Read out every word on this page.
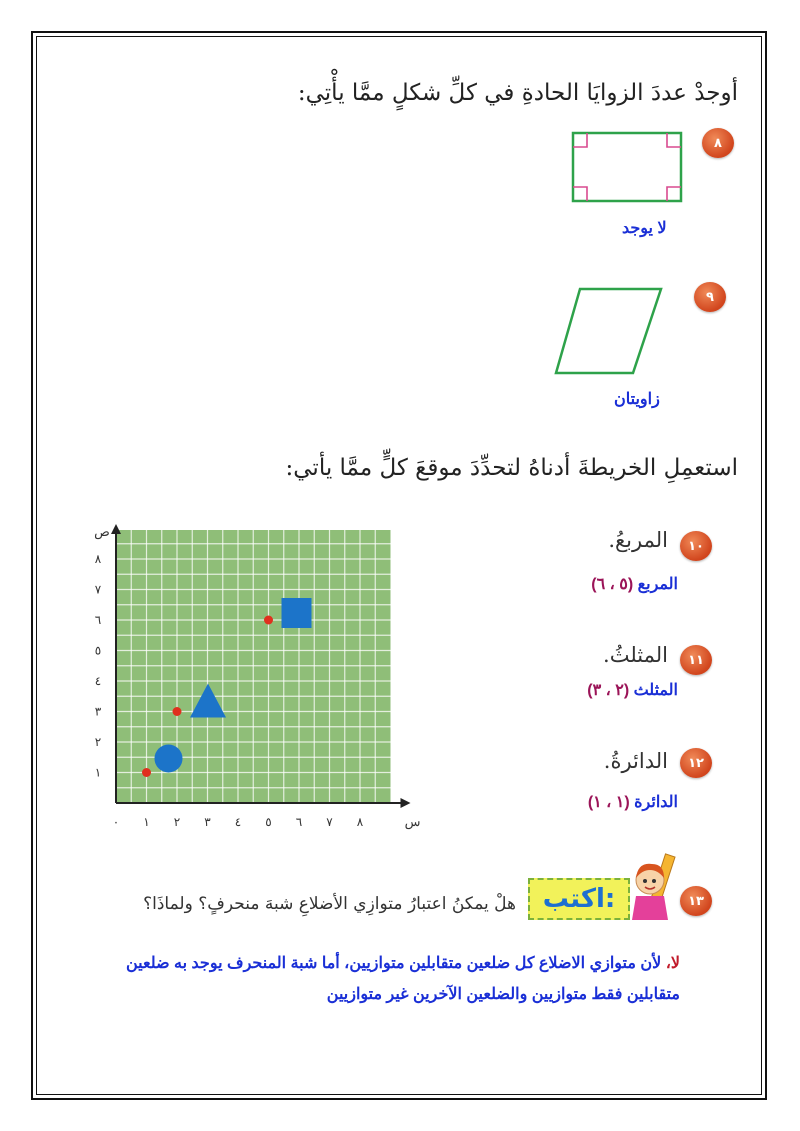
أوجدْ عددَ الزوايَا الحادةِ في كلِّ شكلٍ ممَّا يأْتِي:
٨
لا يوجد
٩
زاويتان
استعمِلِ الخريطةَ أدناهُ لتحدِّدَ موقعَ كلٍّ ممَّا يأتي:
٠ ١ ٢ ٣ ٤ ٥ ٦ ٧ ٨
١
٢
٣
٤
٥
٦
٧
٨
س
ص
١٠
المربعُ.
المربع (٥ ، ٦)
١١
المثلثُ.
المثلث (٢ ، ٣)
١٢
الدائرةُ.
الدائرة (١ ، ١)
١٣
اكتب:
هلْ يمكنُ اعتبارُ متوازِي الأضلاعِ شبهَ منحرفٍ؟ ولماذَا؟
لا، لأن متوازي الاضلاع كل ضلعين متقابلين متوازيين، أما شبة المنحرف يوجد به ضلعين متقابلين فقط متوازيين والضلعين الآخرين غير متوازيين
